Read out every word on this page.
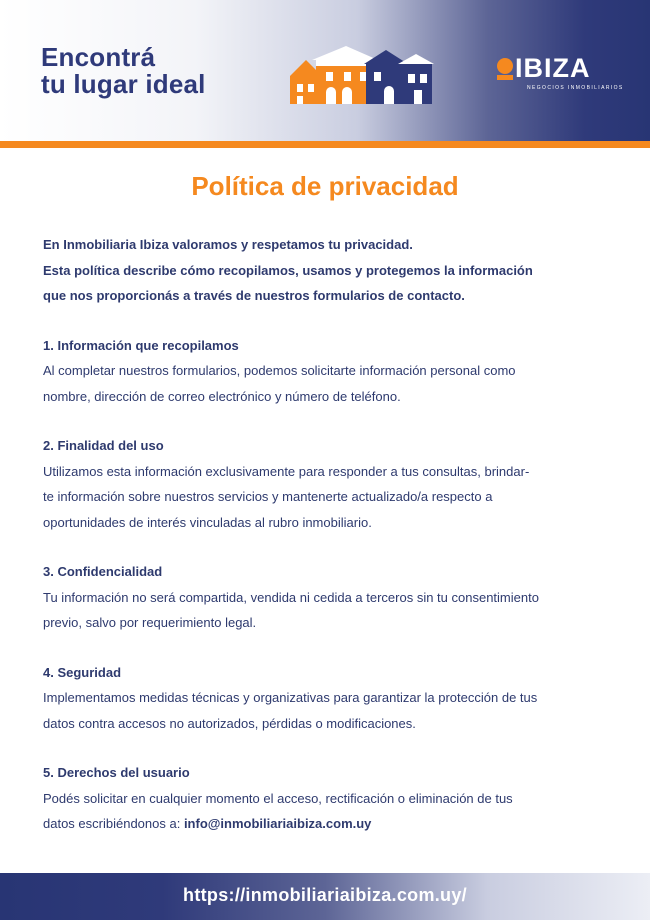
Encontrá
tu lugar ideal
IBIZA
NEGOCIOS INMOBILIARIOS
Política de privacidad
En Inmobiliaria Ibiza valoramos y respetamos tu privacidad.
Esta política describe cómo recopilamos, usamos y protegemos la información
que nos proporcionás a través de nuestros formularios de contacto.
1. Información que recopilamos
Al completar nuestros formularios, podemos solicitarte información personal como
nombre, dirección de correo electrónico y número de teléfono.
2. Finalidad del uso
Utilizamos esta información exclusivamente para responder a tus consultas, brindar-
te información sobre nuestros servicios y mantenerte actualizado/a respecto a
oportunidades de interés vinculadas al rubro inmobiliario.
3. Confidencialidad
Tu información no será compartida, vendida ni cedida a terceros sin tu consentimiento
previo, salvo por requerimiento legal.
4. Seguridad
Implementamos medidas técnicas y organizativas para garantizar la protección de tus
datos contra accesos no autorizados, pérdidas o modificaciones.
5. Derechos del usuario
Podés solicitar en cualquier momento el acceso, rectificación o eliminación de tus
datos escribiéndonos a: info@inmobiliariaibiza.com.uy
https://inmobiliariaibiza.com.uy/
